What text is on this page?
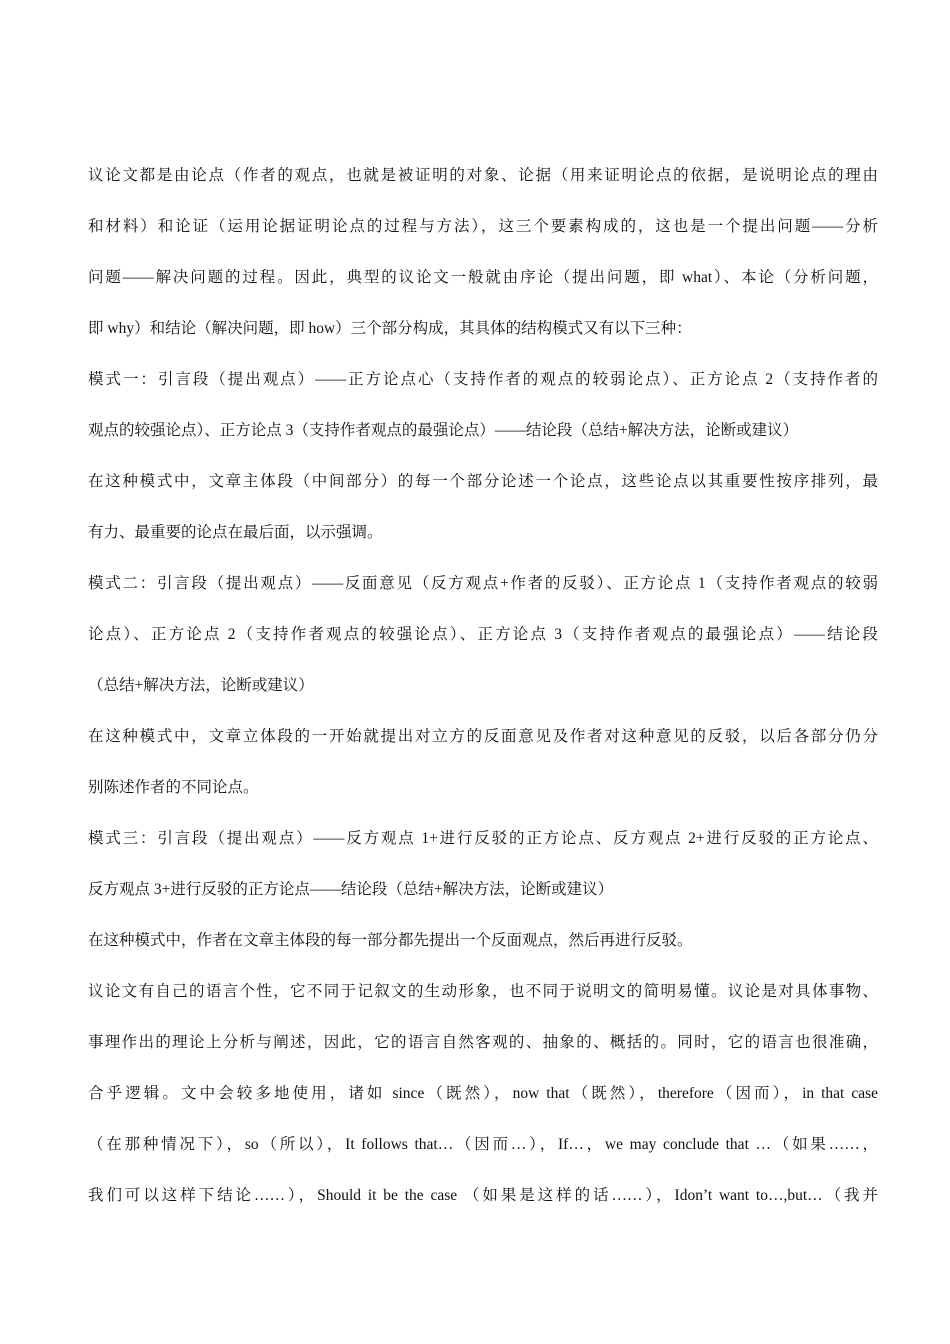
议论文都是由论点（作者的观点，也就是被证明的对象、论据（用来证明论点的依据，是说明论点的理由
和材料）和论证（运用论据证明论点的过程与方法），这三个要素构成的，这也是一个提出问题——分析
问题——解决问题的过程。因此，典型的议论文一般就由序论（提出问题，即 what）、本论（分析问题，
即 why）和结论（解决问题，即 how）三个部分构成，其具体的结构模式又有以下三种：
模式一：引言段（提出观点）——正方论点心（支持作者的观点的较弱论点）、正方论点 2（支持作者的
观点的较强论点）、正方论点 3（支持作者观点的最强论点）——结论段（总结+解决方法，论断或建议）
在这种模式中，文章主体段（中间部分）的每一个部分论述一个论点，这些论点以其重要性按序排列，最
有力、最重要的论点在最后面，以示强调。
模式二：引言段（提出观点）——反面意见（反方观点+作者的反驳）、正方论点 1（支持作者观点的较弱
论点）、正方论点 2（支持作者观点的较强论点）、正方论点 3（支持作者观点的最强论点）——结论段
（总结+解决方法，论断或建议）
在这种模式中，文章立体段的一开始就提出对立方的反面意见及作者对这种意见的反驳，以后各部分仍分
别陈述作者的不同论点。
模式三：引言段（提出观点）——反方观点 1+进行反驳的正方论点、反方观点 2+进行反驳的正方论点、
反方观点 3+进行反驳的正方论点——结论段（总结+解决方法，论断或建议）
在这种模式中，作者在文章主体段的每一部分都先提出一个反面观点，然后再进行反驳。
议论文有自己的语言个性，它不同于记叙文的生动形象，也不同于说明文的简明易懂。议论是对具体事物、
事理作出的理论上分析与阐述，因此，它的语言自然客观的、抽象的、概括的。同时，它的语言也很准确，
合乎逻辑。文中会较多地使用，诸如 since（既然），now that（既然），therefore（因而），in that case
（在那种情况下），so（所以），It follows that…（因而…），If…，we may conclude that …（如果……，
我们可以这样下结论……），Should it be the case （如果是这样的话……），Idon’t want to…,but…（我并
